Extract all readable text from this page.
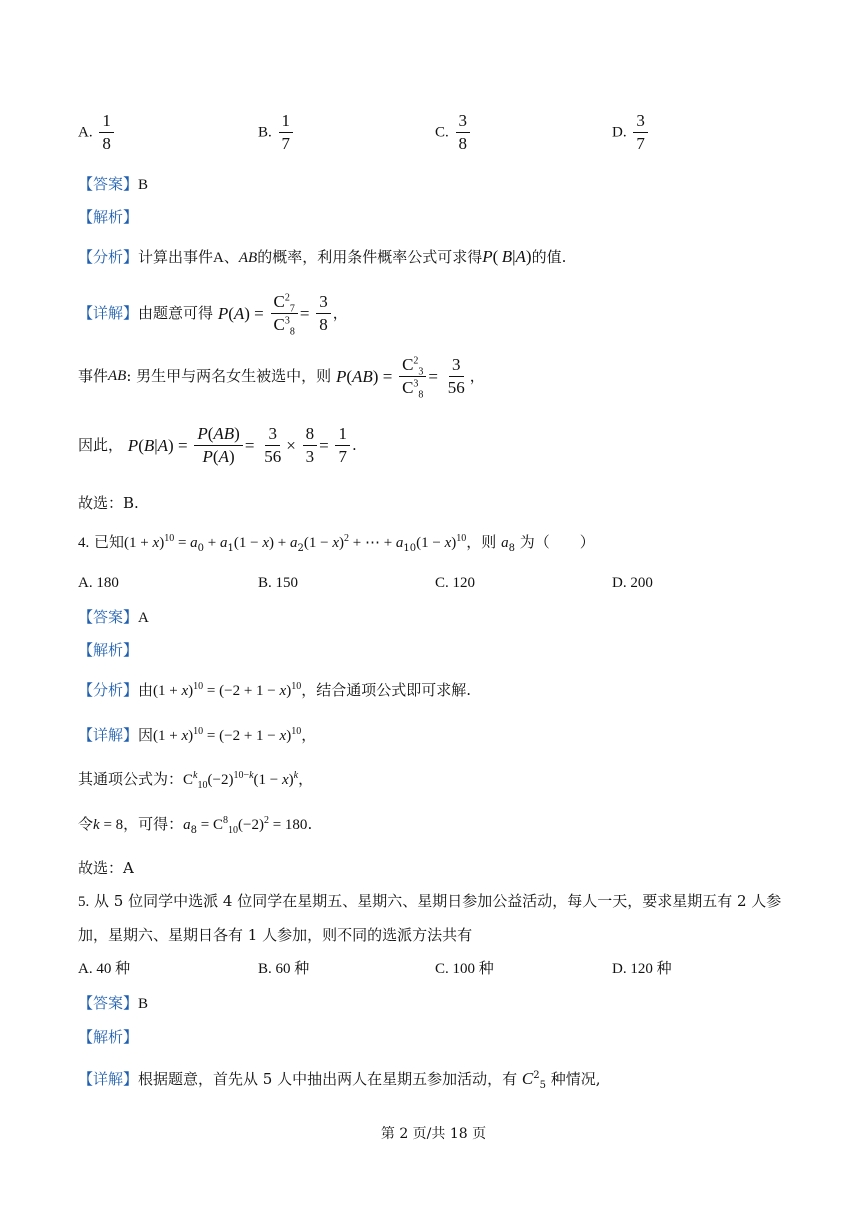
A. $\frac{1}{8}$	B. $\frac{1}{7}$	C. $\frac{3}{8}$	D. $\frac{3}{7}$
【答案】B
【解析】
【分析】计算出事件A、AB的概率，利用条件概率公式可求得P( B|A)的值.
【详解】由题意可得 $P(A) = \frac{C^2_7}{C^3_8} = \frac{3}{8}$ ，
事件AB: 男生甲与两名女生被选中，则 $P(AB) = \frac{C^2_3}{C^3_8} = \frac{3}{56}$ ，
因此， $P(B|A) = \frac{P(AB)}{P(A)} = \frac{3}{56} \times \frac{8}{3} = \frac{1}{7}$ .
故选：B.
4. 已知$(1 + x)^{10} = a_0 + a_1(1 - x) + a_2(1 - x)^2$ + ⋯ + $a_{10}(1 - x)^{10}$，则 $a_8$ 为（　　）
A. 180	B. 150	C. 120	D. 200
【答案】A
【解析】
【分析】由$(1 + x)^{10} = (-2 + 1 - x)^{10}$，结合通项公式即可求解.
【详解】因$(1 + x)^{10} = (-2 + 1 - x)^{10}$，
其通项公式为：$C^k_{10}(-2)^{10-k}(1 - x)^k$，
令k = 8，可得：$a_8 = C^8_{10}(-2)^2 = 180$.
故选：A
5. 从 5 位同学中选派 4 位同学在星期五、星期六、星期日参加公益活动，每人一天，要求星期五有 2 人参
加，星期六、星期日各有 1 人参加，则不同的选派方法共有
A. 40 种	B. 60 种	C. 100 种	D. 120 种
【答案】B
【解析】
【详解】根据题意，首先从 5 人中抽出两人在星期五参加活动，有 $C^2_5$ 种情况,
第 2 页/共 18 页
